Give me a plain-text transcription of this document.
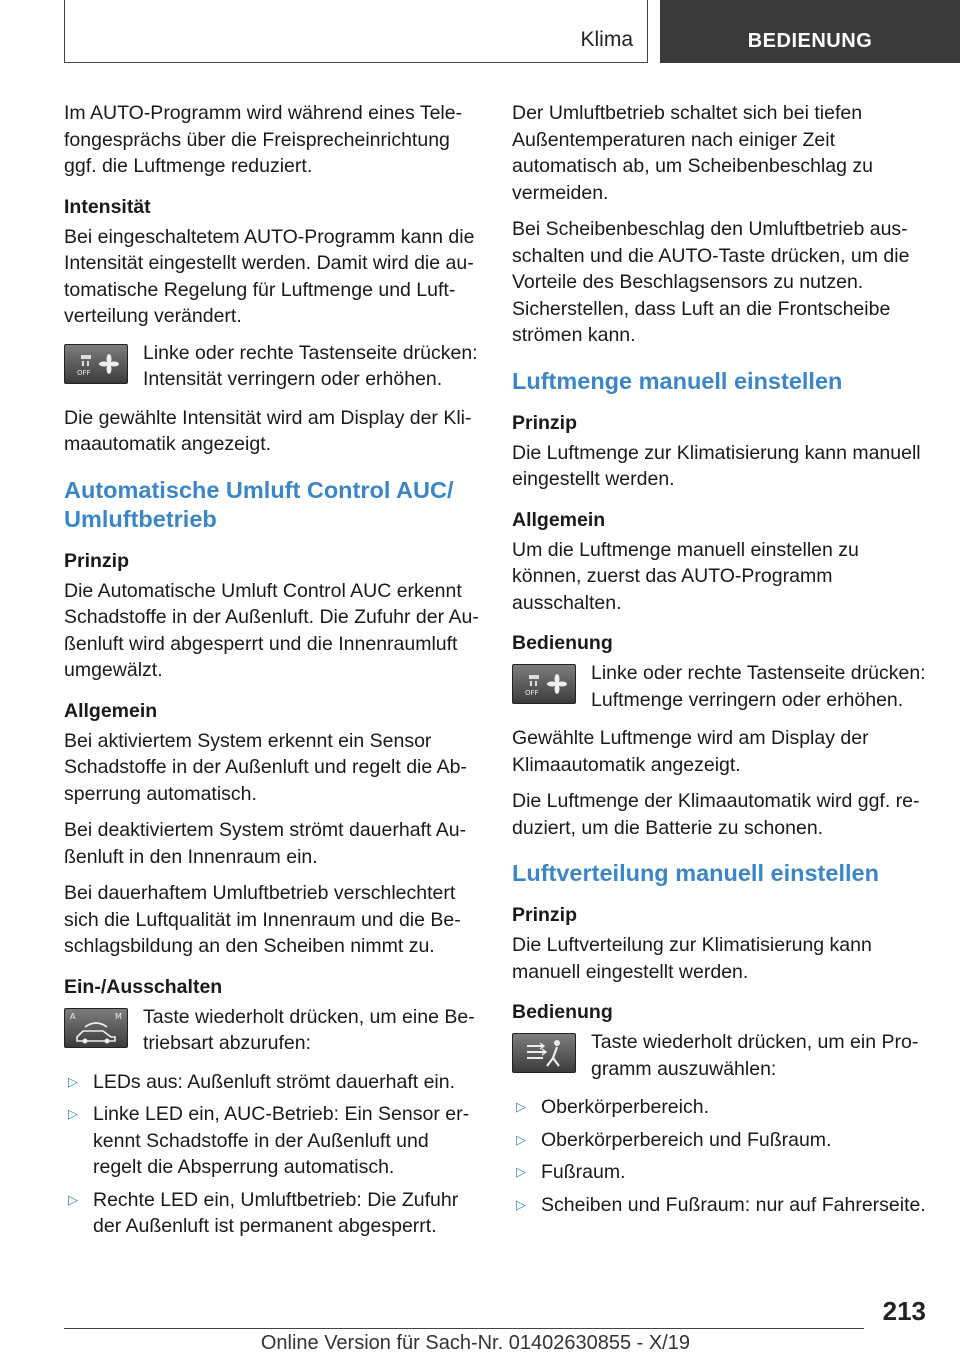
Klima	BEDIENUNG

Im AUTO-Programm wird während eines Telefongesprächs über die Freisprecheinrichtung ggf. die Luftmenge reduziert.

Intensität

Bei eingeschaltetem AUTO-Programm kann die Intensität eingestellt werden. Damit wird die automatische Regelung für Luftmenge und Luftverteilung verändert.

OFF

Linke oder rechte Tastenseite drücken: Intensität verringern oder erhöhen.

Die gewählte Intensität wird am Display der Klimaautomatik angezeigt.

Automatische Umluft Control AUC/ Umluftbetrieb
Prinzip

Die Automatische Umluft Control AUC erkennt Schadstoffe in der Außenluft. Die Zufuhr der Außenluft wird abgesperrt und die Innenraumluft umgewälzt.

Allgemein

Bei aktiviertem System erkennt ein Sensor Schadstoffe in der Außenluft und regelt die Absperrung automatisch.

Bei deaktiviertem System strömt dauerhaft Außenluft in den Innenraum ein.

Bei dauerhaftem Umluftbetrieb verschlechtert sich die Luftqualität im Innenraum und die Beschlagsbildung an den Scheiben nimmt zu.

Ein-/Ausschalten
A	M Taste wiederholt drücken, um eine Betriebsart abzurufen:

▷ LEDs aus: Außenluft strömt dauerhaft ein.
▷ Linke LED ein, AUC-Betrieb: Ein Sensor erkennt Schadstoffe in der Außenluft und regelt die Absperrung automatisch.
▷ Rechte LED ein, Umluftbetrieb: Die Zufuhr der Außenluft ist permanent abgesperrt.

Der Umluftbetrieb schaltet sich bei tiefen Außentemperaturen nach einiger Zeit automatisch ab, um Scheibenbeschlag zu vermeiden.

Bei Scheibenbeschlag den Umluftbetrieb ausschalten und die AUTO-Taste drücken, um die Vorteile des Beschlagsensors zu nutzen. Sicherstellen, dass Luft an die Frontscheibe strömen kann.

Luftmenge manuell einstellen
Prinzip

Die Luftmenge zur Klimatisierung kann manuell eingestellt werden.

Allgemein

Um die Luftmenge manuell einstellen zu können, zuerst das AUTO-Programm ausschalten.

Bedienung
OFF

Linke oder rechte Tastenseite drücken: Luftmenge verringern oder erhöhen.

Gewählte Luftmenge wird am Display der Klimaautomatik angezeigt.

Die Luftmenge der Klimaautomatik wird ggf. reduziert, um die Batterie zu schonen.

Luftverteilung manuell einstellen
Prinzip

Die Luftverteilung zur Klimatisierung kann manuell eingestellt werden.

Bedienung

Taste wiederholt drücken, um ein Programm auszuwählen:

▷ Oberkörperbereich.
▷ Oberkörperbereich und Fußraum.
▷ Fußraum.
▷ Scheiben und Fußraum: nur auf Fahrerseite.
213
Online Version für Sach-Nr. 01402630855 - X/19
